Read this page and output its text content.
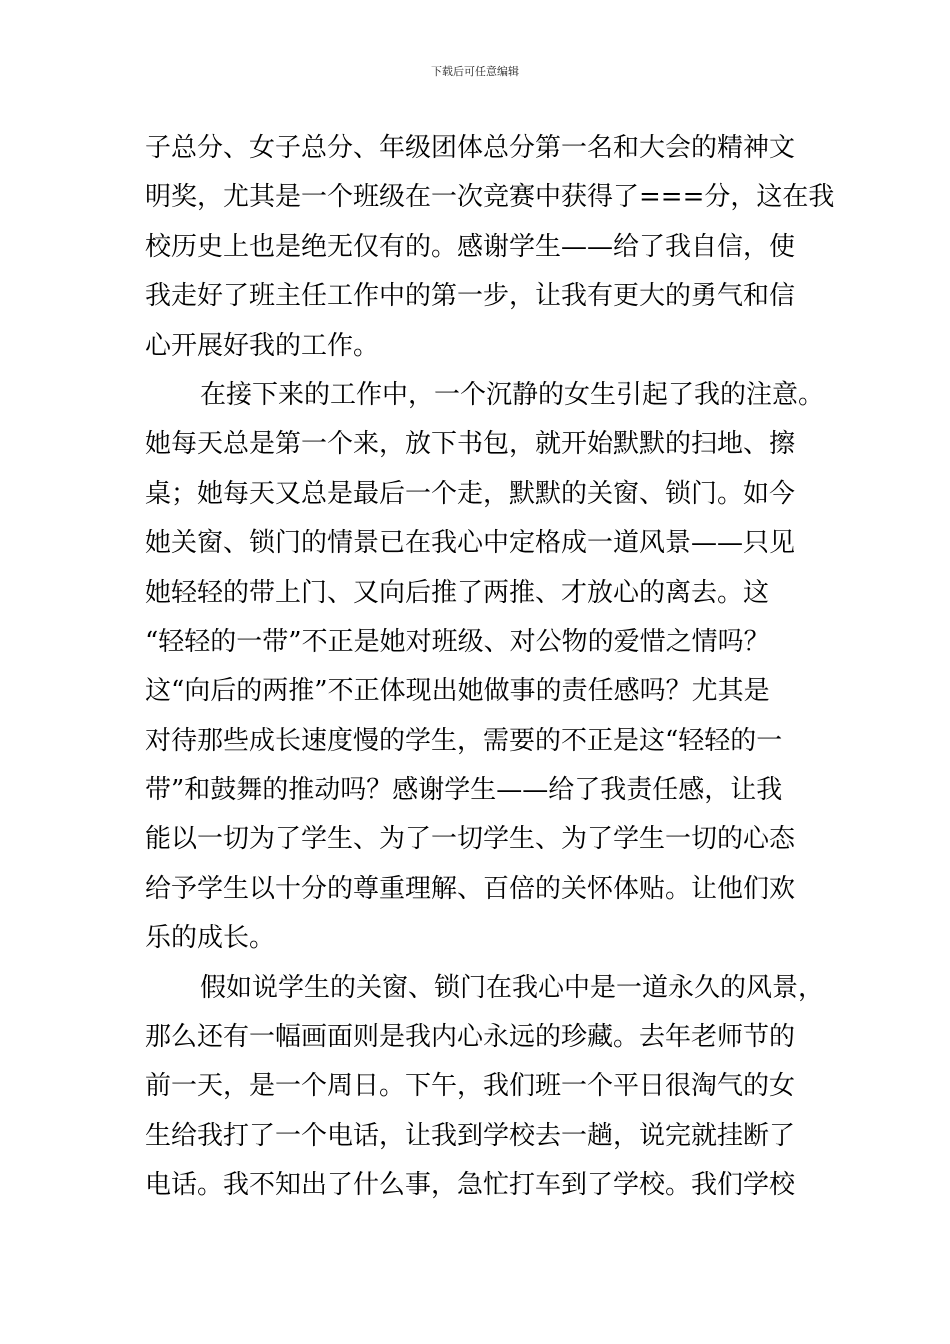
下载后可任意编辑
子总分、女子总分、年级团体总分第一名和大会的精神文
明奖，尤其是一个班级在一次竞赛中获得了===分，这在我
校历史上也是绝无仅有的。感谢学生——给了我自信，使
我走好了班主任工作中的第一步，让我有更大的勇气和信
心开展好我的工作。
在接下来的工作中，一个沉静的女生引起了我的注意。
她每天总是第一个来，放下书包，就开始默默的扫地、擦
桌；她每天又总是最后一个走，默默的关窗、锁门。如今
她关窗、锁门的情景已在我心中定格成一道风景——只见
她轻轻的带上门、又向后推了两推、才放心的离去。这
“轻轻的一带”不正是她对班级、对公物的爱惜之情吗？
这“向后的两推”不正体现出她做事的责任感吗？尤其是
对待那些成长速度慢的学生，需要的不正是这“轻轻的一
带”和鼓舞的推动吗？感谢学生——给了我责任感，让我
能以一切为了学生、为了一切学生、为了学生一切的心态
给予学生以十分的尊重理解、百倍的关怀体贴。让他们欢
乐的成长。
假如说学生的关窗、锁门在我心中是一道永久的风景，
那么还有一幅画面则是我内心永远的珍藏。去年老师节的
前一天，是一个周日。下午，我们班一个平日很淘气的女
生给我打了一个电话，让我到学校去一趟，说完就挂断了
电话。我不知出了什么事，急忙打车到了学校。我们学校
